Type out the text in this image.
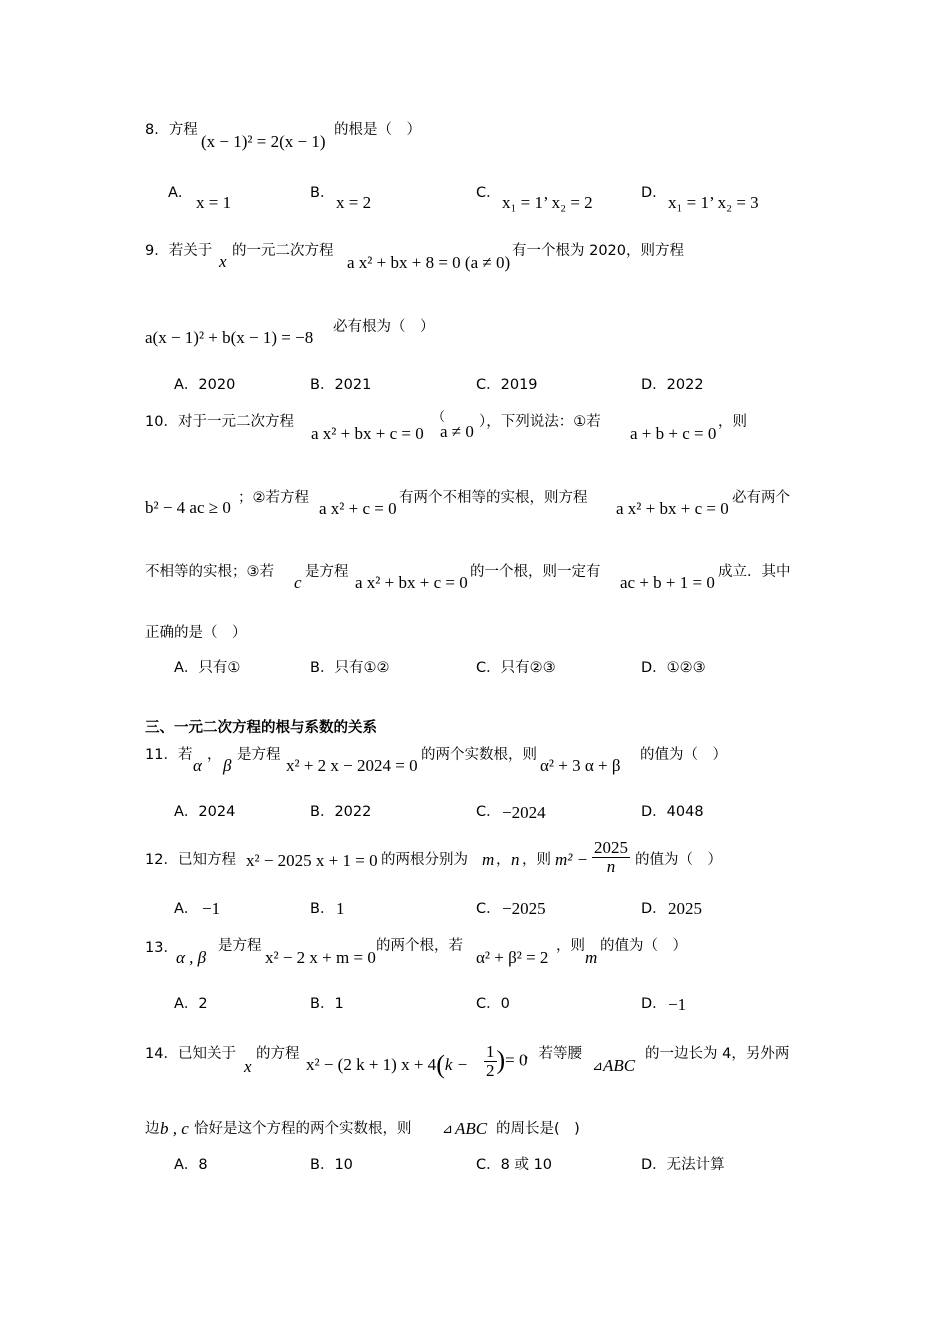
8．方程
(x − 1)² = 2(x − 1)
的根是（　）
A． x = 1	B． x = 2	C． x₁ = 1’ x₂ = 2	D． x₁ = 1’ x₂ = 3
9．若关于
x
的一元二次方程
a x² + bx + 8 = 0 (a ≠ 0)
有一个根为 2020，则方程
a(x − 1)² + b(x − 1) = −8
必有根为（　）
A．2020	B．2021	C．2019	D．2022
10．对于一元二次方程
a x² + bx + c = 0
（
a ≠ 0 ），下列说法：①若
a + b + c = 0
，则
b² − 4 ac ≥ 0 ；②若方程
a x² + c = 0
有两个不相等的实根，则方程
a x² + bx + c = 0
必有两个
不相等的实根；③若
c
是方程
a x² + bx + c = 0
的一个根，则一定有
ac + b + 1 = 0
成立．其中
正确的是（　）
A．只有①	B．只有①②	C．只有②③	D．①②③
三、一元二次方程的根与系数的关系
11．若
α
，
β
是方程
x² + 2 x − 2024 = 0
的两个实数根，则
α² + 3 α + β
的值为（　）
A．2024	B．2022	C． −2024	D．4048
12．已知方程 x² − 2025 x + 1 = 0 的两根分别为 m ， n ，则 $m^2 - \frac{2025}{n}$ 的值为（　）
A． −1	B． 1	C． −2025	D． 2025
13．
α , β
是方程
x² − 2 x + m = 0
的两个根，若
α² + β² = 2
，则
m
的值为（　）
A．2	B．1	C．0	D． −1
14．已知关于
x
的方程
x² − (2 k + 1) $x + 4(k - \frac{1}{2}$ )= 0
，若等腰
⊿ ABC
的一边长为 4，另外两
边 b , c 恰好是这个方程的两个实数根，则 ⊿ ABC 的周长是(　)
A．8	B．10	C．8 或 10	D．无法计算
